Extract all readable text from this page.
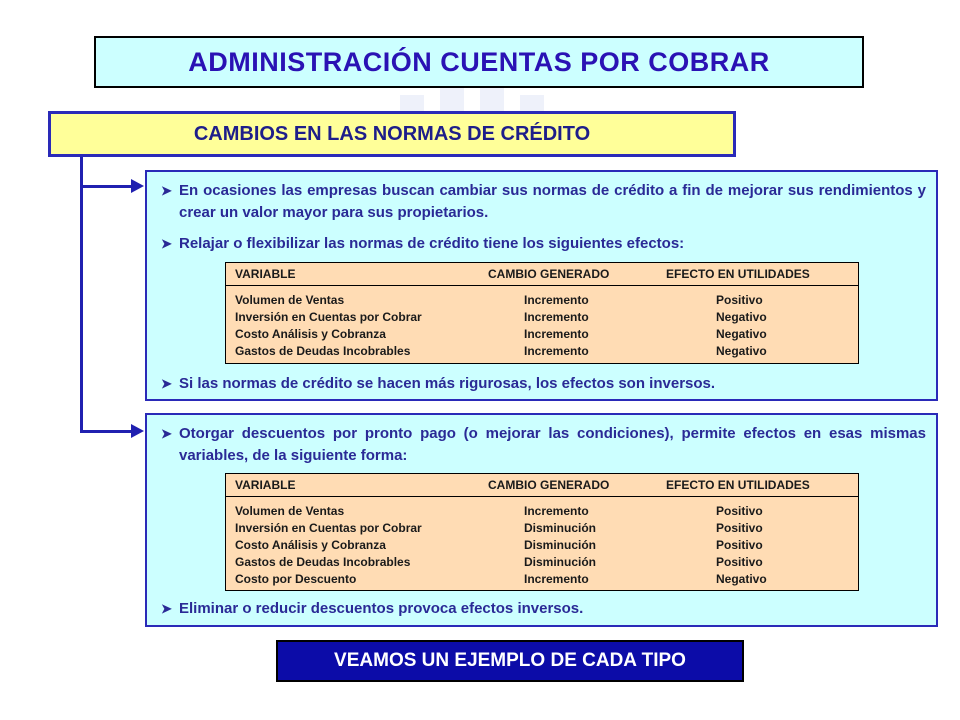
ADMINISTRACIÓN CUENTAS POR COBRAR
CAMBIOS EN LAS NORMAS DE CRÉDITO
➤ En ocasiones las empresas buscan cambiar sus normas de crédito a fin de mejorar sus rendimientos y crear un valor mayor para sus propietarios.
➤ Relajar o flexibilizar las normas de crédito tiene los siguientes efectos:
VARIABLE	CAMBIO GENERADO	EFECTO EN UTILIDADES
Volumen de Ventas	Incremento	Positivo
Inversión en Cuentas por Cobrar	Incremento	Negativo
Costo Análisis y Cobranza	Incremento	Negativo
Gastos de Deudas Incobrables	Incremento	Negativo
➤ Si las normas de crédito se hacen más rigurosas, los efectos son inversos.
➤ Otorgar descuentos por pronto pago (o mejorar las condiciones), permite efectos en esas mismas variables, de la siguiente forma:
VARIABLE	CAMBIO GENERADO	EFECTO EN UTILIDADES
Volumen de Ventas	Incremento	Positivo
Inversión en Cuentas por Cobrar	Disminución	Positivo
Costo Análisis y Cobranza	Disminución	Positivo
Gastos de Deudas Incobrables	Disminución	Positivo
Costo por Descuento	Incremento	Negativo
➤ Eliminar o reducir descuentos provoca efectos inversos.
VEAMOS UN EJEMPLO DE CADA TIPO
